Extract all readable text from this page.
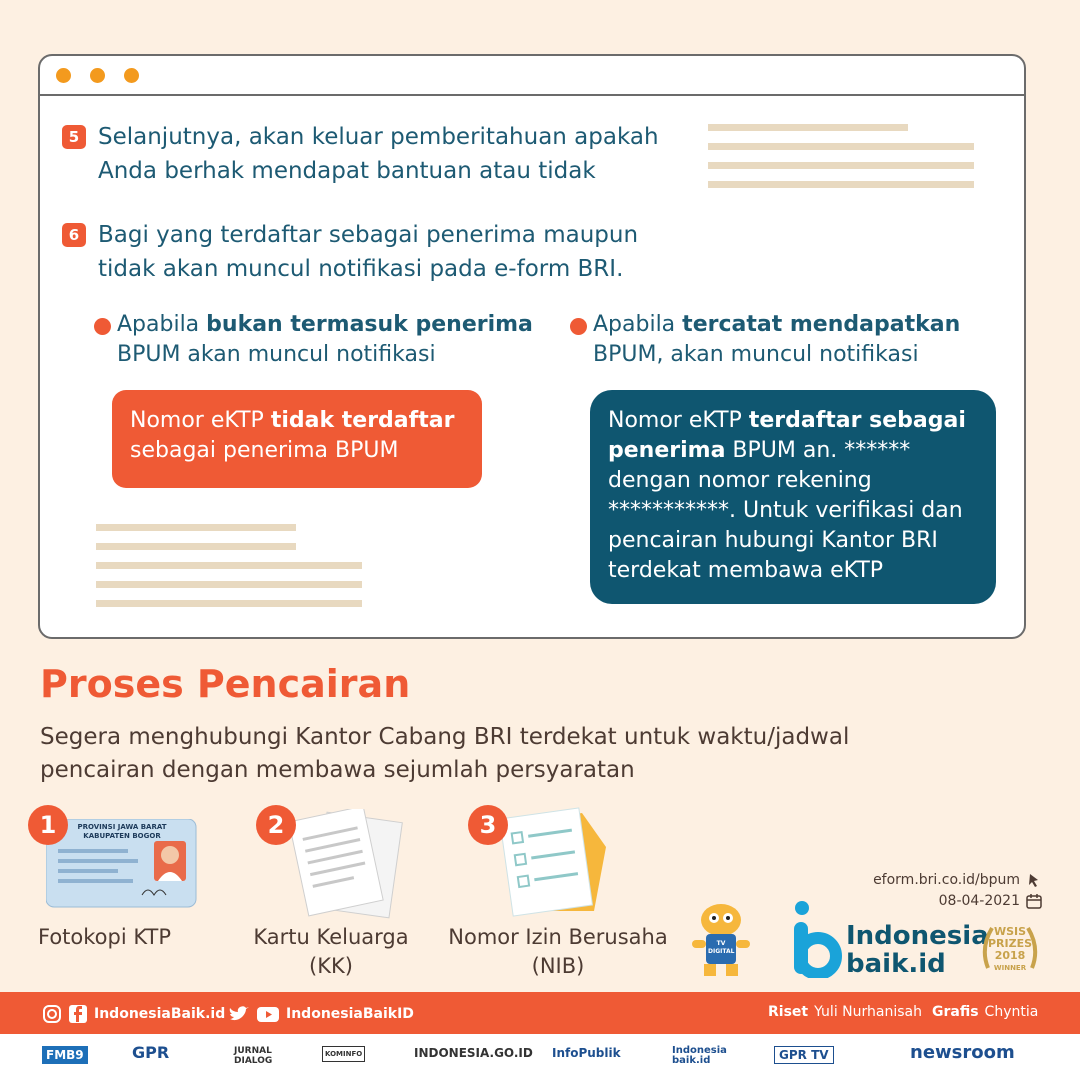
5 Selanjutnya, akan keluar pemberitahuan apakah
Anda berhak mendapat bantuan atau tidak
6 Bagi yang terdaftar sebagai penerima maupun
tidak akan muncul notifikasi pada e-form BRI.
Apabila bukan termasuk penerima
BPUM akan muncul notifikasi
Apabila tercatat mendapatkan
BPUM, akan muncul notifikasi
Nomor eKTP tidak terdaftar
sebagai penerima BPUM
Nomor eKTP terdaftar sebagai
penerima BPUM an. ******
dengan nomor rekening
***********. Untuk verifikasi dan
pencairan hubungi Kantor BRI
terdekat membawa eKTP
Proses Pencairan
Segera menghubungi Kantor Cabang BRI terdekat untuk waktu/jadwal
pencairan dengan membawa sejumlah persyaratan
PROVINSI JAWA BARAT
KABUPATEN BOGOR
1
Fotokopi KTP
2
Kartu Keluarga
(KK)
3
Nomor Izin Berusaha
(NIB)
TV DIGITAL
eform.bri.co.id/bpum
08-04-2021
Indonesia
baik.id
WSIS
PRIZES
2018
WINNER
IndonesiaBaik.id	IndonesiaBaikID	Riset Yuli Nurhanisah Grafis Chyntia
FMB9	GPR	JURNAL DIALOG
KOMINFO	INDONESIA.GO.ID InfoPublik	Indonesia baik.id	GPR TV	newsroom
